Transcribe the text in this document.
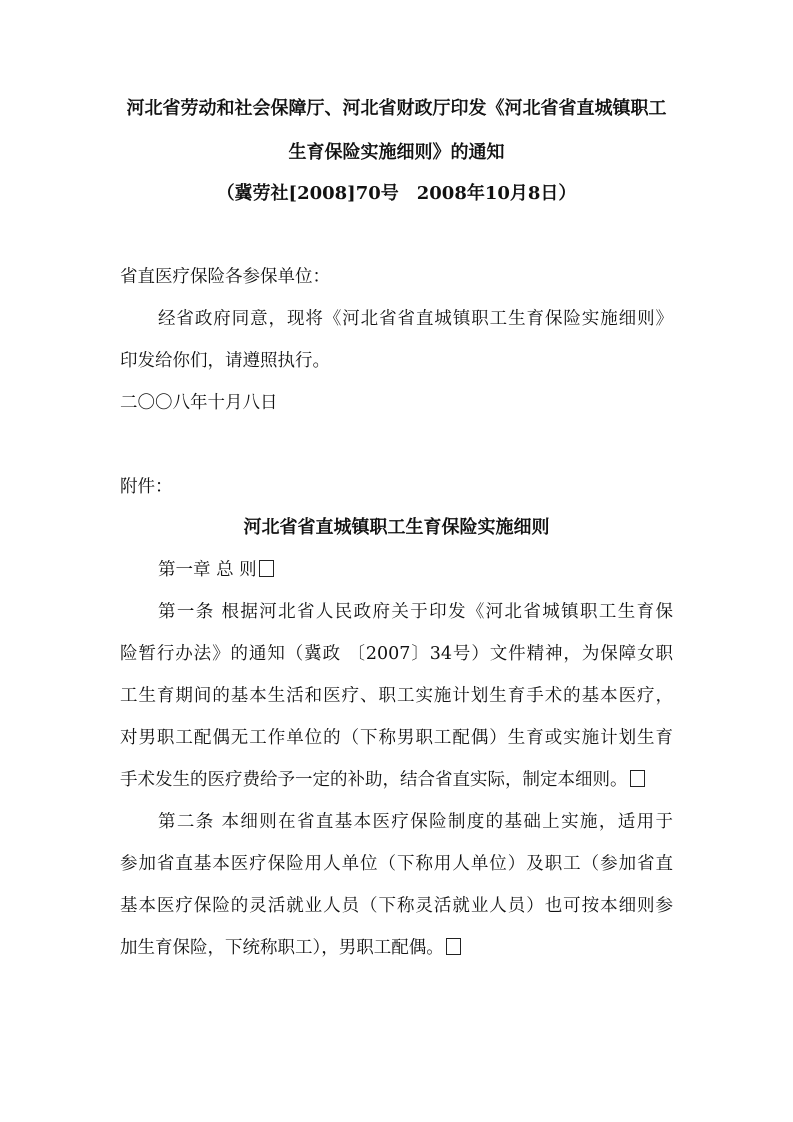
河北省劳动和社会保障厅、河北省财政厅印发《河北省省直城镇职工
生育保险实施细则》的通知
（冀劳社[2008]70号　2008年10月8日）
省直医疗保险各参保单位：
经省政府同意，现将《河北省省直城镇职工生育保险实施细则》
印发给你们，请遵照执行。
二〇〇八年十月八日
附件：
河北省省直城镇职工生育保险实施细则
第一章 总 则
第一条 根据河北省人民政府关于印发《河北省城镇职工生育保
险暂行办法》的通知（冀政 〔2007〕34号）文件精神，为保障女职
工生育期间的基本生活和医疗、职工实施计划生育手术的基本医疗，
对男职工配偶无工作单位的（下称男职工配偶）生育或实施计划生育
手术发生的医疗费给予一定的补助，结合省直实际，制定本细则。
第二条 本细则在省直基本医疗保险制度的基础上实施，适用于
参加省直基本医疗保险用人单位（下称用人单位）及职工（参加省直
基本医疗保险的灵活就业人员（下称灵活就业人员）也可按本细则参
加生育保险，下统称职工），男职工配偶。
